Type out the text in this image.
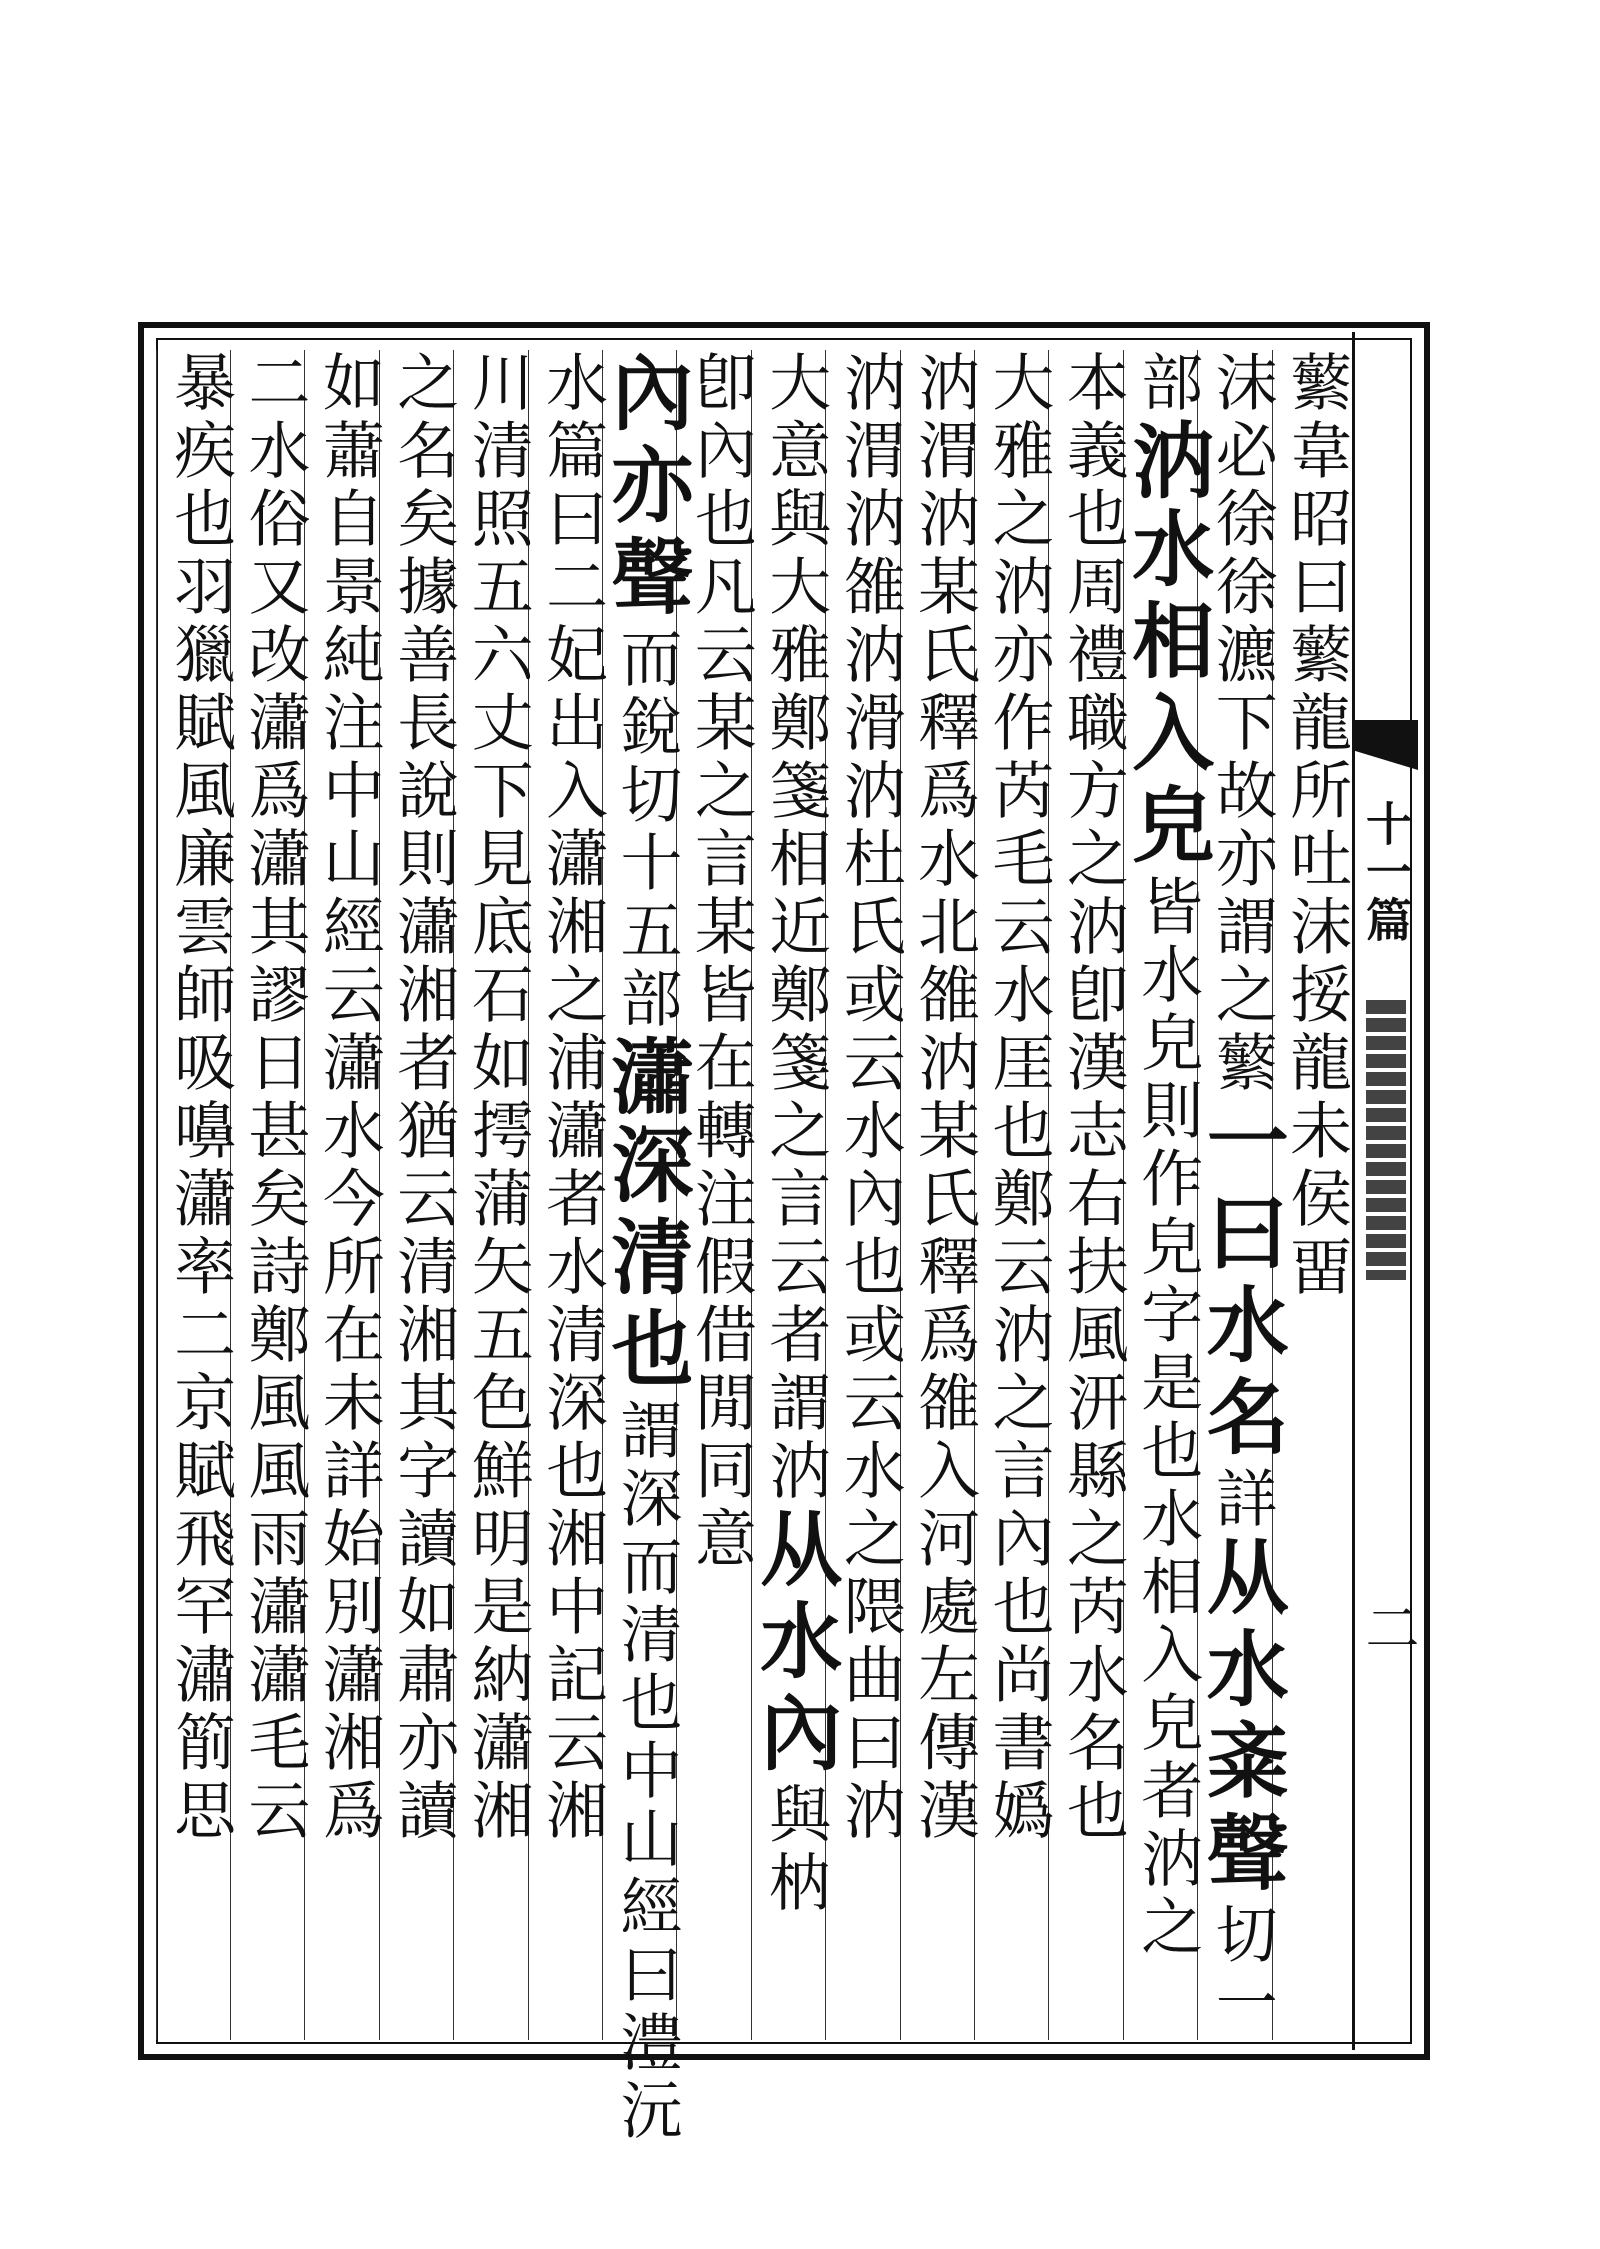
十一篇
二
蘩韋昭曰蘩龍所吐沫挼龍未侯畱
沫必徐徐瀌下故亦謂之蘩一曰水名詳从水㪰聲切一
部汭水相入皃皆水皃則作皃字是也水相入皃者汭之
本義也周禮職方之汭卽漢志右扶風汧縣之芮水名也
大雅之汭亦作芮毛云水厓也鄭云汭之言內也尚書嬀
汭渭汭某氏釋爲水北雒汭某氏釋爲雒入河處左傳漢
汭渭汭雒汭滑汭杜氏或云水內也或云水之隈曲曰汭
大意與大雅鄭箋相近鄭箋之言云者謂汭从水內與枘
卽內也凡云某之言某皆在轉注假借閒同意
內亦聲而銳切十五部瀟深清也謂深而清也中山經曰澧沅
水篇曰二妃出入瀟湘之浦瀟者水清深也湘中記云湘
川清照五六丈下見底石如摴蒲矢五色鮮明是納瀟湘
之名矣據善長說則瀟湘者猶云清湘其字讀如肅亦讀
如蕭自景純注中山經云瀟水今所在未詳始別瀟湘爲
二水俗又改瀟爲瀟其謬日甚矣詩鄭風風雨瀟瀟毛云
暴疾也羽獵賦風廉雲師吸嚊瀟率二京賦飛罕潚箾思
